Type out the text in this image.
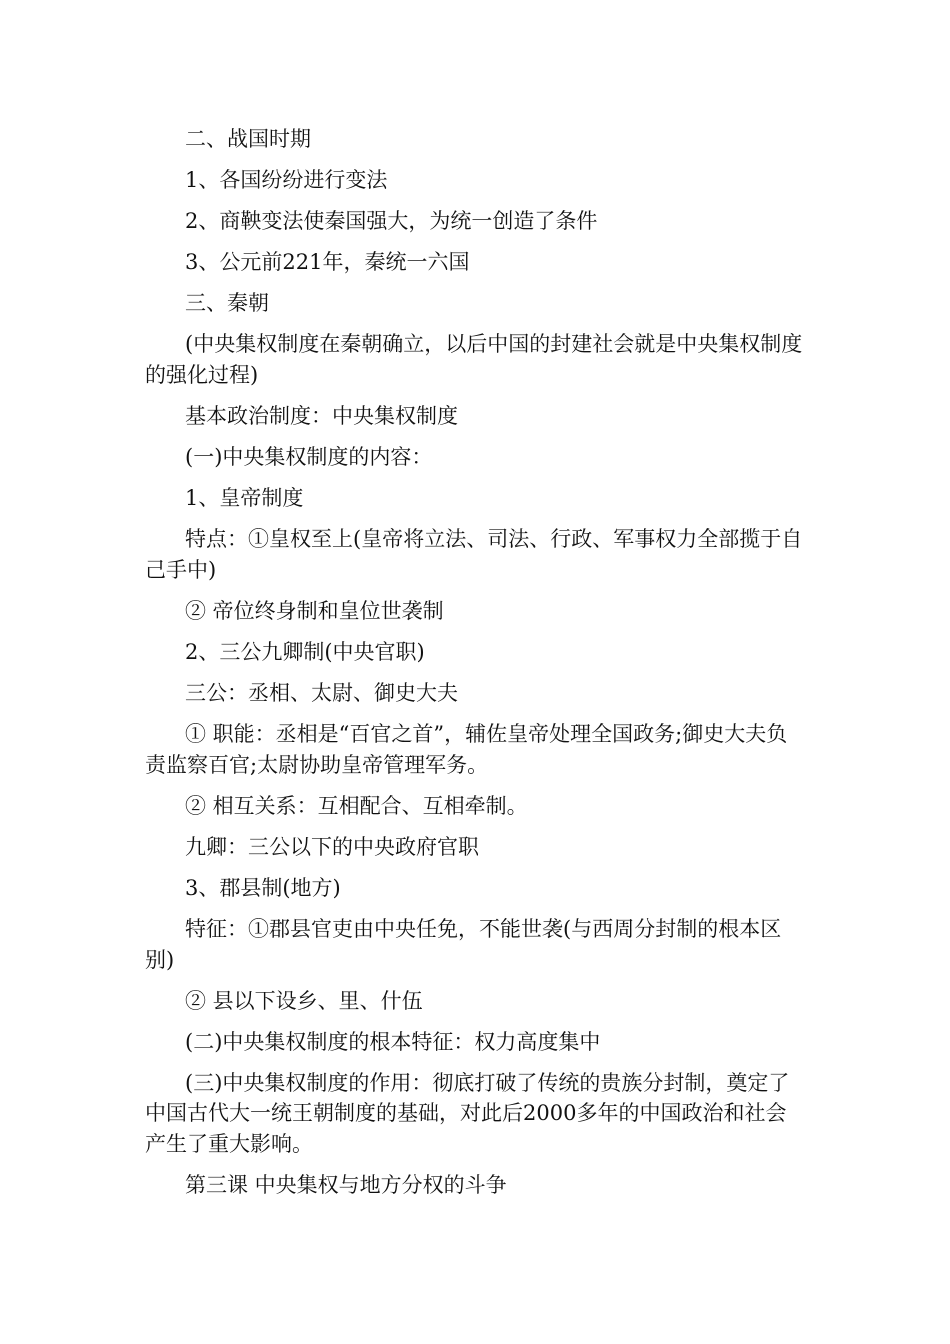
二、战国时期

1、各国纷纷进行变法

2、商鞅变法使秦国强大，为统一创造了条件

3、公元前221年，秦统一六国

三、秦朝

(中央集权制度在秦朝确立，以后中国的封建社会就是中央集权制度的强化过程)

基本政治制度：中央集权制度

(一)中央集权制度的内容：

1、皇帝制度

特点：①皇权至上(皇帝将立法、司法、行政、军事权力全部揽于自己手中)

② 帝位终身制和皇位世袭制

2、三公九卿制(中央官职)

三公：丞相、太尉、御史大夫

① 职能：丞相是“百官之首”，辅佐皇帝处理全国政务;御史大夫负责监察百官;太尉协助皇帝管理军务。

② 相互关系：互相配合、互相牵制。

九卿：三公以下的中央政府官职

3、郡县制(地方)

特征：①郡县官吏由中央任免，不能世袭(与西周分封制的根本区别)

② 县以下设乡、里、什伍

(二)中央集权制度的根本特征：权力高度集中

(三)中央集权制度的作用：彻底打破了传统的贵族分封制，奠定了中国古代大一统王朝制度的基础，对此后2000多年的中国政治和社会产生了重大影响。

第三课 中央集权与地方分权的斗争
